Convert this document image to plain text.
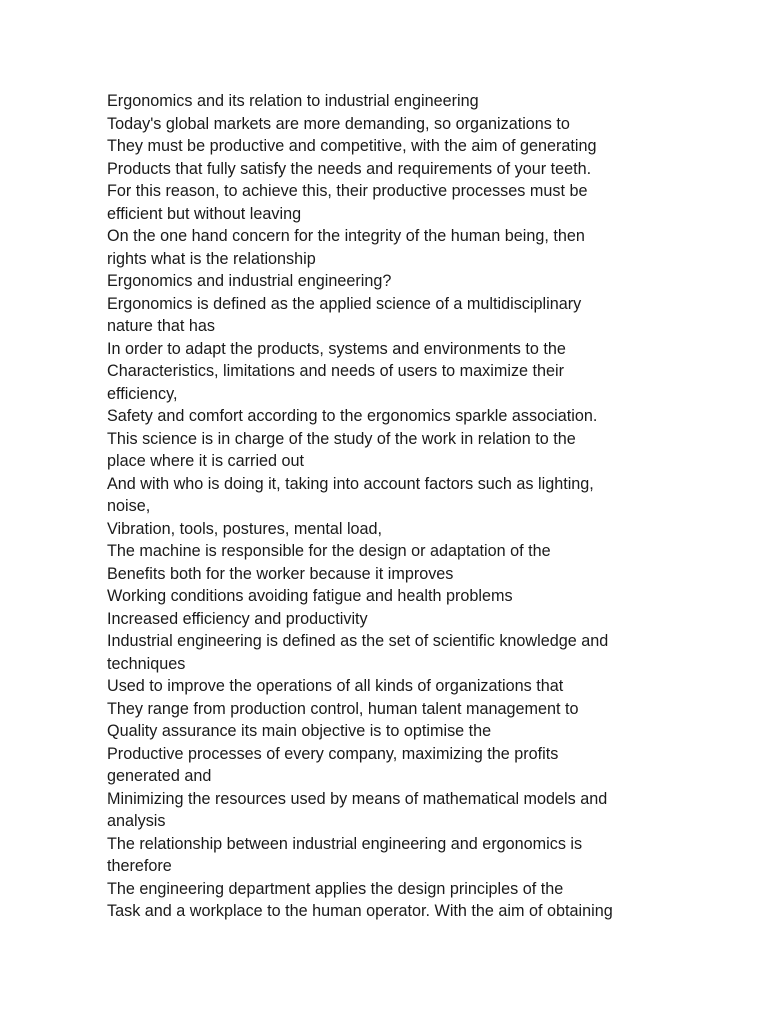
Ergonomics and its relation to industrial engineering
Today's global markets are more demanding, so organizations to
They must be productive and competitive, with the aim of generating
Products that fully satisfy the needs and requirements of your teeth.
For this reason, to achieve this, their productive processes must be
efficient but without leaving
On the one hand concern for the integrity of the human being, then
rights what is the relationship
Ergonomics and industrial engineering?
Ergonomics is defined as the applied science of a multidisciplinary
nature that has
In order to adapt the products, systems and environments to the
Characteristics, limitations and needs of users to maximize their
efficiency,
Safety and comfort according to the ergonomics sparkle association.
This science is in charge of the study of the work in relation to the
place where it is carried out
And with who is doing it, taking into account factors such as lighting,
noise,
Vibration, tools, postures, mental load,
The machine is responsible for the design or adaptation of the
Benefits both for the worker because it improves
Working conditions avoiding fatigue and health problems
Increased efficiency and productivity
Industrial engineering is defined as the set of scientific knowledge and
techniques
Used to improve the operations of all kinds of organizations that
They range from production control, human talent management to
Quality assurance its main objective is to optimise the
Productive processes of every company, maximizing the profits
generated and
Minimizing the resources used by means of mathematical models and
analysis
The relationship between industrial engineering and ergonomics is
therefore
The engineering department applies the design principles of the
Task and a workplace to the human operator. With the aim of obtaining
